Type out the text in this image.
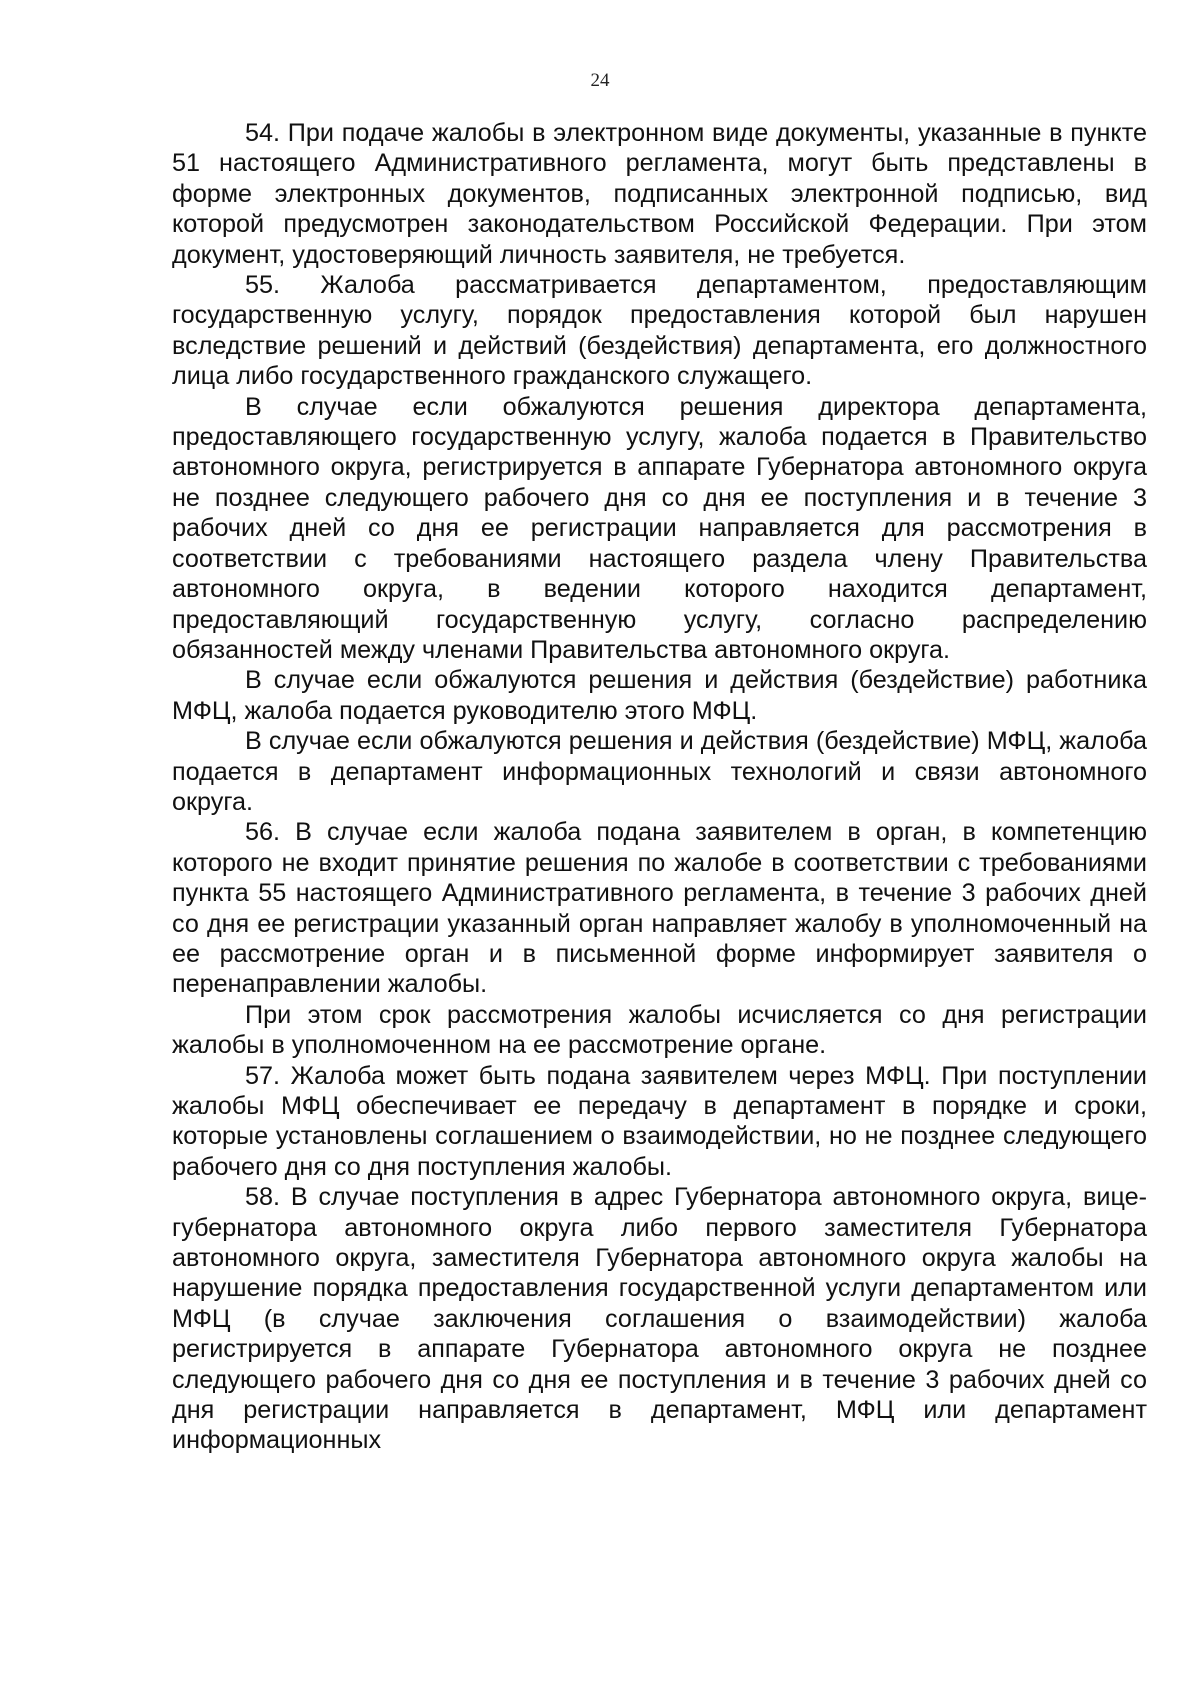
24

54. При подаче жалобы в электронном виде документы, указанные в пункте 51 настоящего Административного регламента, могут быть представлены в форме электронных документов, подписанных электронной подписью, вид которой предусмотрен законодательством Российской Федерации. При этом документ, удостоверяющий личность заявителя, не требуется.

55. Жалоба рассматривается департаментом, предоставляющим государственную услугу, порядок предоставления которой был нарушен вследствие решений и действий (бездействия) департамента, его должностного лица либо государственного гражданского служащего.

В случае если обжалуются решения директора департамента, предоставляющего государственную услугу, жалоба подается в Правительство автономного округа, регистрируется в аппарате Губернатора автономного округа не позднее следующего рабочего дня со дня ее поступления и в течение 3 рабочих дней со дня ее регистрации направляется для рассмотрения в соответствии с требованиями настоящего раздела члену Правительства автономного округа, в ведении которого находится департамент, предоставляющий государственную услугу, согласно распределению обязанностей между членами Правительства автономного округа.

В случае если обжалуются решения и действия (бездействие) работника МФЦ, жалоба подается руководителю этого МФЦ.

В случае если обжалуются решения и действия (бездействие) МФЦ, жалоба подается в департамент информационных технологий и связи автономного округа.

56. В случае если жалоба подана заявителем в орган, в компетенцию которого не входит принятие решения по жалобе в соответствии с требованиями пункта 55 настоящего Административного регламента, в течение 3 рабочих дней со дня ее регистрации указанный орган направляет жалобу в уполномоченный на ее рассмотрение орган и в письменной форме информирует заявителя о перенаправлении жалобы.

При этом срок рассмотрения жалобы исчисляется со дня регистрации жалобы в уполномоченном на ее рассмотрение органе.

57. Жалоба может быть подана заявителем через МФЦ. При поступлении жалобы МФЦ обеспечивает ее передачу в департамент в порядке и сроки, которые установлены соглашением о взаимодействии, но не позднее следующего рабочего дня со дня поступления жалобы.

58. В случае поступления в адрес Губернатора автономного округа, вице-губернатора автономного округа либо первого заместителя Губернатора автономного округа, заместителя Губернатора автономного округа жалобы на нарушение порядка предоставления государственной услуги департаментом или МФЦ (в случае заключения соглашения о взаимодействии) жалоба регистрируется в аппарате Губернатора автономного округа не позднее следующего рабочего дня со дня ее поступления и в течение 3 рабочих дней со дня регистрации направляется в департамент, МФЦ или департамент информационных
